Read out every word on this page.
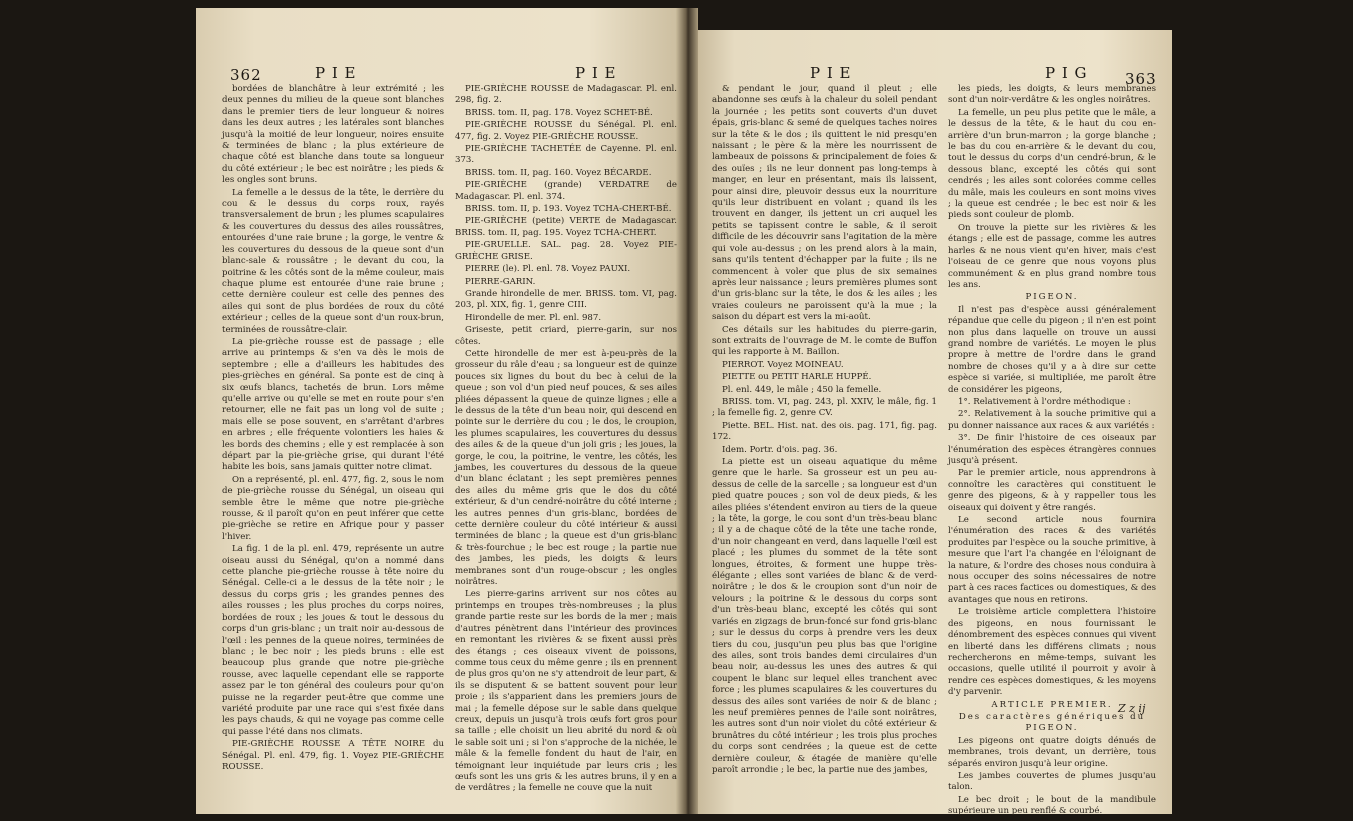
362	P I E	P I E

bordées de blanchâtre à leur extrémité ; les deux pennes du milieu de la queue sont blanches dans le premier tiers de leur longueur & noires dans les deux autres ; les latérales sont blanches jusqu'à la moitié de leur longueur, noires ensuite & terminées de blanc ; la plus extérieure de chaque côté est blanche dans toute sa longueur du côté extérieur ; le bec est noirâtre ; les pieds & les ongles sont bruns.

La femelle a le dessus de la tête, le derrière du cou & le dessus du corps roux, rayés transversalement de brun ; les plumes scapulaires & les couvertures du dessus des ailes roussâtres, entourées d'une raie brune ; la gorge, le ventre & les couvertures du dessous de la queue sont d'un blanc-sale & roussâtre ; le devant du cou, la poitrine & les côtés sont de la même couleur, mais chaque plume est entourée d'une raie brune ; cette dernière couleur est celle des pennes des ailes qui sont de plus bordées de roux du côté extérieur ; celles de la queue sont d'un roux-brun, terminées de roussâtre-clair.

La pie-grièche rousse est de passage ; elle arrive au printemps & s'en va dès le mois de septembre ; elle a d'ailleurs les habitudes des pies-grièches en général. Sa ponte est de cinq à six œufs blancs, tachetés de brun. Lors même qu'elle arrive ou qu'elle se met en route pour s'en retourner, elle ne fait pas un long vol de suite ; mais elle se pose souvent, en s'arrêtant d'arbres en arbres ; elle fréquente volontiers les haies & les bords des chemins ; elle y est remplacée à son départ par la pie-grièche grise, qui durant l'été habite les bois, sans jamais quitter notre climat.

On a représenté, pl. enl. 477, fig. 2, sous le nom de pie-grièche rousse du Sénégal, un oiseau qui semble être le même que notre pie-grièche rousse, & il paroît qu'on en peut inférer que cette pie-grièche se retire en Afrique pour y passer l'hiver.

La fig. 1 de la pl. enl. 479, représente un autre oiseau aussi du Sénégal, qu'on a nommé dans cette planche pie-grièche rousse à tête noire du Sénégal. Celle-ci a le dessus de la tête noir ; le dessus du corps gris ; les grandes pennes des ailes rousses ; les plus proches du corps noires, bordées de roux ; les joues & tout le dessous du corps d'un gris-blanc ; un trait noir au-dessous de l'œil : les pennes de la queue noires, terminées de blanc ; le bec noir ; les pieds bruns : elle est beaucoup plus grande que notre pie-grièche rousse, avec laquelle cependant elle se rapporte assez par le ton général des couleurs pour qu'on puisse ne la regarder peut-être que comme une variété produite par une race qui s'est fixée dans les pays chauds, & qui ne voyage pas comme celle qui passe l'été dans nos climats.

PIE-GRIÈCHE ROUSSE A TÊTE NOIRE du Sénégal. Pl. enl. 479, fig. 1. Voyez PIE-GRIÈCHE ROUSSE.

PIE-GRIÈCHE ROUSSE de Madagascar. Pl. enl. 298, fig. 2.

BRISS. tom. II, pag. 178. Voyez SCHET-BÉ.

PIE-GRIÈCHE ROUSSE du Sénégal. Pl. enl. 477, fig. 2. Voyez PIE-GRIÈCHE ROUSSE.

PIE-GRIÈCHE TACHETÉE de Cayenne. Pl. enl. 373.

BRISS. tom. II, pag. 160. Voyez BÉCARDE.

PIE-GRIÈCHE (grande) VERDATRE de Madagascar. Pl. enl. 374.

BRISS. tom. II, p. 193. Voyez TCHA-CHERT-BÉ.

PIE-GRIÈCHE (petite) VERTE de Madagascar. BRISS. tom. II, pag. 195. Voyez TCHA-CHERT.

PIE-GRUELLE. SAL. pag. 28. Voyez PIE-GRIÈCHE GRISE.

PIERRE (le). Pl. enl. 78. Voyez PAUXI.

PIERRE-GARIN.

Grande hirondelle de mer. BRISS. tom. VI, pag. 203, pl. XIX, fig. 1, genre CIII.

Hirondelle de mer. Pl. enl. 987.

Griseste, petit criard, pierre-garin, sur nos côtes.

Cette hirondelle de mer est à-peu-près de la grosseur du râle d'eau ; sa longueur est de quinze pouces six lignes du bout du bec à celui de la queue ; son vol d'un pied neuf pouces, & ses ailes pliées dépassent la queue de quinze lignes ; elle a le dessus de la tête d'un beau noir, qui descend en pointe sur le derrière du cou ; le dos, le croupion, les plumes scapulaires, les couvertures du dessus des ailes & de la queue d'un joli gris ; les joues, la gorge, le cou, la poitrine, le ventre, les côtés, les jambes, les couvertures du dessous de la queue d'un blanc éclatant ; les sept premières pennes des ailes du même gris que le dos du côté extérieur, & d'un cendré-noirâtre du côté interne ; les autres pennes d'un gris-blanc, bordées de cette dernière couleur du côté intérieur & aussi terminées de blanc ; la queue est d'un gris-blanc & très-fourchue ; le bec est rouge ; la partie nue des jambes, les pieds, les doigts & leurs membranes sont d'un rouge-obscur ; les ongles noirâtres.

Les pierre-garins arrivent sur nos côtes au printemps en troupes très-nombreuses ; la plus grande partie reste sur les bords de la mer ; mais d'autres pénètrent dans l'intérieur des provinces en remontant les rivières & se fixent aussi près des étangs ; ces oiseaux vivent de poissons, comme tous ceux du même genre ; ils en prennent de plus gros qu'on ne s'y attendroit de leur part, & ils se disputent & se battent souvent pour leur proie ; ils s'apparient dans les premiers jours de mai ; la femelle dépose sur le sable dans quelque creux, depuis un jusqu'à trois œufs fort gros pour sa taille ; elle choisit un lieu abrité du nord & où le sable soit uni ; si l'on s'approche de la nichée, le mâle & la femelle fondent du haut de l'air, en témoignant leur inquiétude par leurs cris ; les œufs sont les uns gris & les autres bruns, il y en a de verdâtres ; la femelle ne couve que la nuit

P I E	P I G 363

& pendant le jour, quand il pleut ; elle abandonne ses œufs à la chaleur du soleil pendant la journée ; les petits sont couverts d'un duvet épais, gris-blanc & semé de quelques taches noires sur la tête & le dos ; ils quittent le nid presqu'en naissant ; le père & la mère les nourrissent de lambeaux de poissons & principalement de foies & des ouïes ; ils ne leur donnent pas long-temps à manger, en leur en présentant, mais ils laissent, pour ainsi dire, pleuvoir dessus eux la nourriture qu'ils leur distribuent en volant ; quand ils les trouvent en danger, ils jettent un cri auquel les petits se tapissent contre le sable, & il seroit difficile de les découvrir sans l'agitation de la mère qui vole au-dessus ; on les prend alors à la main, sans qu'ils tentent d'échapper par la fuite ; ils ne commencent à voler que plus de six semaines après leur naissance ; leurs premières plumes sont d'un gris-blanc sur la tête, le dos & les ailes ; les vraies couleurs ne paroissent qu'à la mue ; la saison du départ est vers la mi-août.

Ces détails sur les habitudes du pierre-garin, sont extraits de l'ouvrage de M. le comte de Buffon qui les rapporte à M. Baillon.

PIERROT. Voyez MOINEAU.

PIETTE ou PETIT HARLE HUPPÉ.

Pl. enl. 449, le mâle ; 450 la femelle.

BRISS. tom. VI, pag. 243, pl. XXIV, le mâle, fig. 1 ; la femelle fig. 2, genre CV.

Piette. BEL. Hist. nat. des ois. pag. 171, fig. pag. 172.

Idem. Portr. d'ois. pag. 36.

La piette est un oiseau aquatique du même genre que le harle. Sa grosseur est un peu au-dessus de celle de la sarcelle ; sa longueur est d'un pied quatre pouces ; son vol de deux pieds, & les ailes pliées s'étendent environ au tiers de la queue ; la tête, la gorge, le cou sont d'un très-beau blanc ; il y a de chaque côté de la tête une tache ronde, d'un noir changeant en verd, dans laquelle l'œil est placé ; les plumes du sommet de la tête sont longues, étroites, & forment une huppe très-élégante ; elles sont variées de blanc & de verd-noirâtre ; le dos & le croupion sont d'un noir de velours ; la poitrine & le dessous du corps sont d'un très-beau blanc, excepté les côtés qui sont variés en zigzags de brun-foncé sur fond gris-blanc ; sur le dessus du corps à prendre vers les deux tiers du cou, jusqu'un peu plus bas que l'origine des ailes, sont trois bandes demi circulaires d'un beau noir, au-dessus les unes des autres & qui coupent le blanc sur lequel elles tranchent avec force ; les plumes scapulaires & les couvertures du dessus des ailes sont variées de noir & de blanc ; les neuf premières pennes de l'aile sont noirâtres, les autres sont d'un noir violet du côté extérieur & brunâtres du côté intérieur ; les trois plus proches du corps sont cendrées ; la queue est de cette dernière couleur, & étagée de manière qu'elle paroît arrondie ; le bec, la partie nue des jambes,

les pieds, les doigts, & leurs membranes sont d'un noir-verdâtre & les ongles noirâtres.

La femelle, un peu plus petite que le mâle, a le dessus de la tête, & le haut du cou en-arrière d'un brun-marron ; la gorge blanche ; le bas du cou en-arrière & le devant du cou, tout le dessus du corps d'un cendré-brun, & le dessous blanc, excepté les côtés qui sont cendrés ; les ailes sont colorées comme celles du mâle, mais les couleurs en sont moins vives ; la queue est cendrée ; le bec est noir & les pieds sont couleur de plomb.

On trouve la piette sur les rivières & les étangs ; elle est de passage, comme les autres harles & ne nous vient qu'en hiver, mais c'est l'oiseau de ce genre que nous voyons plus communément & en plus grand nombre tous les ans.

PIGEON.

Il n'est pas d'espèce aussi généralement répandue que celle du pigeon ; il n'en est point non plus dans laquelle on trouve un aussi grand nombre de variétés. Le moyen le plus propre à mettre de l'ordre dans le grand nombre de choses qu'il y a à dire sur cette espèce si variée, si multipliée, me paroît être de considérer les pigeons,

1°. Relativement à l'ordre méthodique :

2°. Relativement à la souche primitive qui a pu donner naissance aux races & aux variétés :

3°. De finir l'histoire de ces oiseaux par l'énumération des espèces étrangères connues jusqu'à présent.

Par le premier article, nous apprendrons à connoître les caractères qui constituent le genre des pigeons, & à y rappeller tous les oiseaux qui doivent y être rangés.

Le second article nous fournira l'énumération des races & des variétés produites par l'espèce ou la souche primitive, à mesure que l'art l'a changée en l'éloignant de la nature, & l'ordre des choses nous conduira à nous occuper des soins nécessaires de notre part à ces races factices ou domestiques, & des avantages que nous en retirons.

Le troisième article complettera l'histoire des pigeons, en nous fournissant le dénombrement des espèces connues qui vivent en liberté dans les différens climats ; nous rechercherons en même-temps, suivant les occasions, quelle utilité il pourroit y avoir à rendre ces espèces domestiques, & les moyens d'y parvenir.

ARTICLE PREMIER.

Des caractères génériques du PIGEON.

Les pigeons ont quatre doigts dénués de membranes, trois devant, un derrière, tous séparés environ jusqu'à leur origine.

Les jambes couvertes de plumes jusqu'au talon.

Le bec droit ; le bout de la mandibule supérieure un peu renflé & courbé.

Z z ij
